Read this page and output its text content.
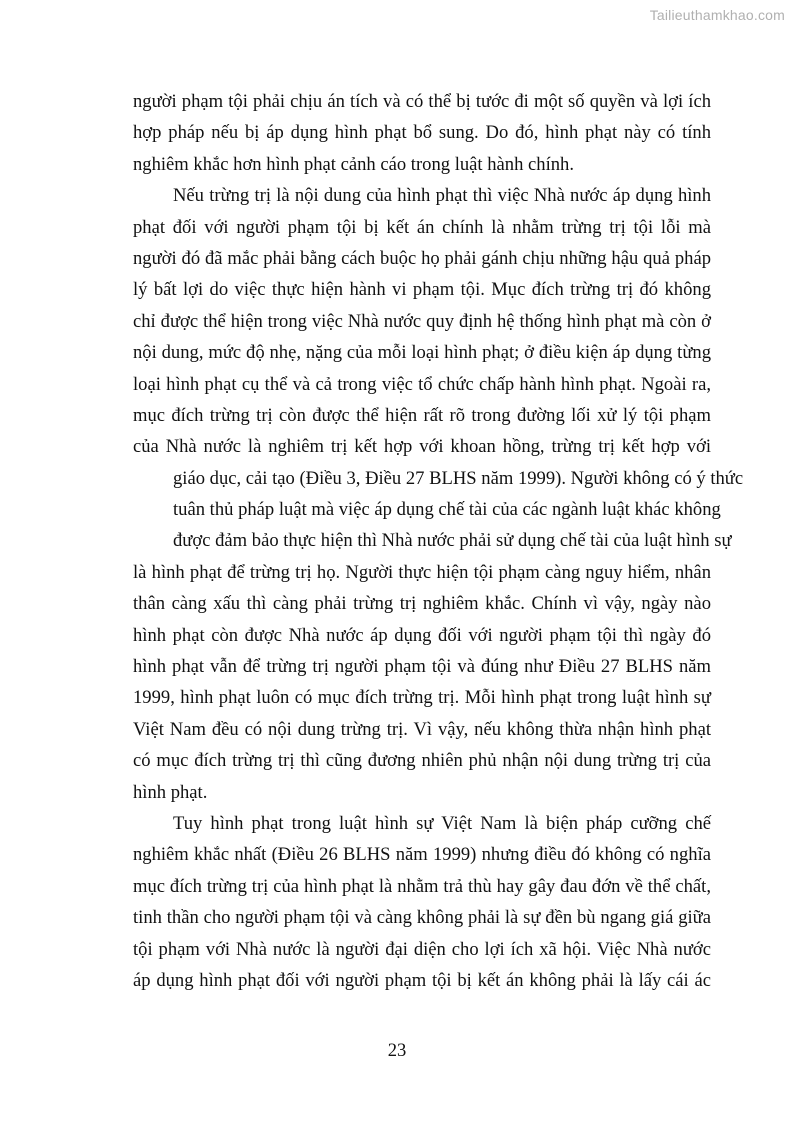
Tailieuthamkhao.com
người phạm tội phải chịu án tích và có thể bị tước đi một số quyền và lợi ích
hợp pháp nếu bị áp dụng hình phạt bổ sung. Do đó, hình phạt này có tính
nghiêm khắc hơn hình phạt cảnh cáo trong luật hành chính.
Nếu trừng trị là nội dung của hình phạt thì việc Nhà nước áp dụng hình
phạt đối với người phạm tội bị kết án chính là nhằm trừng trị tội lỗi mà
người đó đã mắc phải bằng cách buộc họ phải gánh chịu những hậu quả pháp
lý bất lợi do việc thực hiện hành vi phạm tội. Mục đích trừng trị đó không
chỉ được thể hiện trong việc Nhà nước quy định hệ thống hình phạt mà còn ở
nội dung, mức độ nhẹ, nặng của mỗi loại hình phạt; ở điều kiện áp dụng từng
loại hình phạt cụ thể và cả trong việc tổ chức chấp hành hình phạt. Ngoài ra,
mục đích trừng trị còn được thể hiện rất rõ trong đường lối xử lý tội phạm
của Nhà nước là nghiêm trị kết hợp với khoan hồng, trừng trị kết hợp với
giáo dục, cải tạo (Điều 3, Điều 27 BLHS năm 1999). Người không có ý thức
tuân thủ pháp luật mà việc áp dụng chế tài của các ngành luật khác không
được đảm bảo thực hiện thì Nhà nước phải sử dụng chế tài của luật hình sự
là hình phạt để trừng trị họ. Người thực hiện tội phạm càng nguy hiểm, nhân
thân càng xấu thì càng phải trừng trị nghiêm khắc. Chính vì vậy, ngày nào
hình phạt còn được Nhà nước áp dụng đối với người phạm tội thì ngày đó
hình phạt vẫn để trừng trị người phạm tội và đúng như Điều 27 BLHS năm
1999, hình phạt luôn có mục đích trừng trị. Mỗi hình phạt trong luật hình sự
Việt Nam đều có nội dung trừng trị. Vì vậy, nếu không thừa nhận hình phạt
có mục đích trừng trị thì cũng đương nhiên phủ nhận nội dung trừng trị của
hình phạt.
Tuy hình phạt trong luật hình sự Việt Nam là biện pháp cưỡng chế
nghiêm khắc nhất (Điều 26 BLHS năm 1999) nhưng điều đó không có nghĩa
mục đích trừng trị của hình phạt là nhằm trả thù hay gây đau đớn về thể chất,
tinh thần cho người phạm tội và càng không phải là sự đền bù ngang giá giữa
tội phạm với Nhà nước là người đại diện cho lợi ích xã hội. Việc Nhà nước
áp dụng hình phạt đối với người phạm tội bị kết án không phải là lấy cái ác
23
